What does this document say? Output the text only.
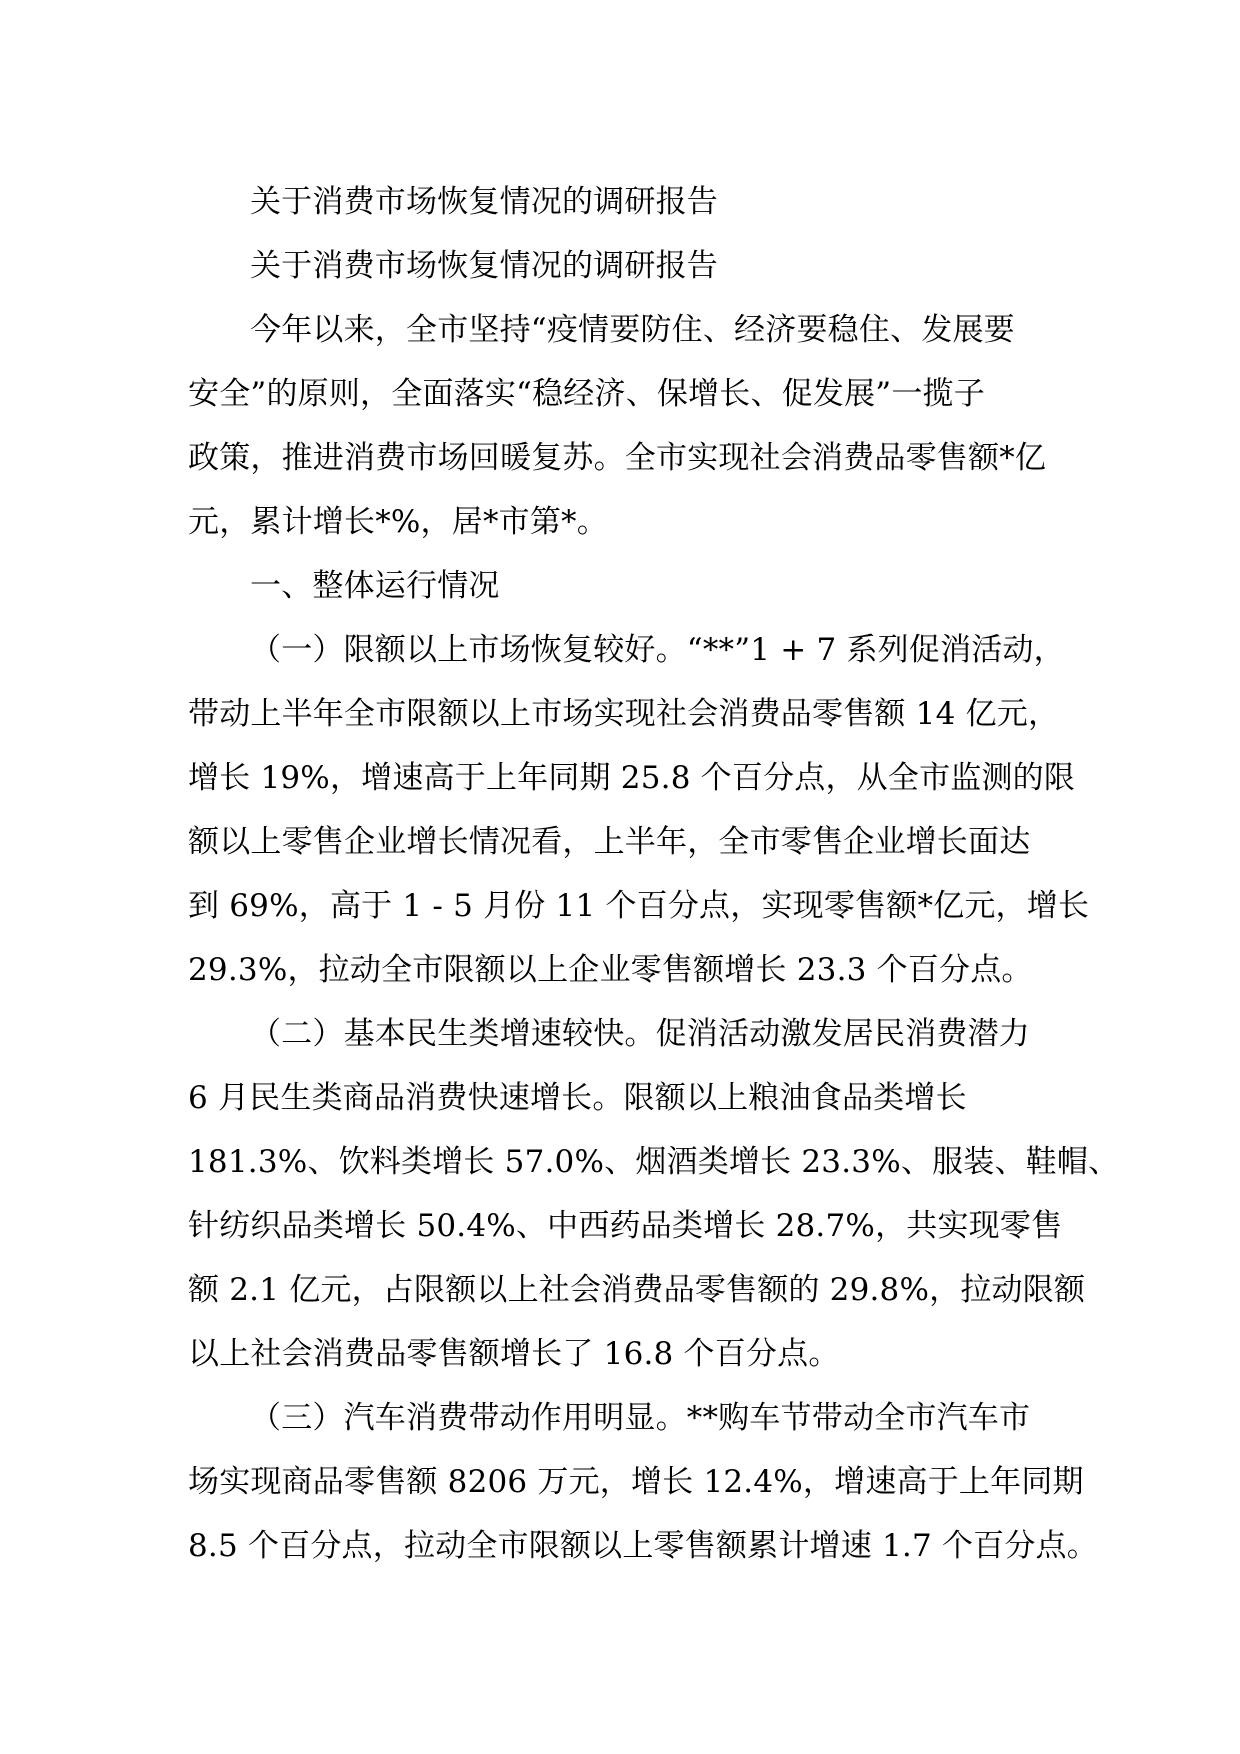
关于消费市场恢复情况的调研报告

关于消费市场恢复情况的调研报告

今年以来，全市坚持“疫情要防住、经济要稳住、发展要

安全”的原则，全面落实“稳经济、保增长、促发展”一揽子

政策，推进消费市场回暖复苏。全市实现社会消费品零售额*亿

元，累计增长*%，居*市第*。

一、整体运行情况

（一）限额以上市场恢复较好。“**”1 + 7 系列促消活动，

带动上半年全市限额以上市场实现社会消费品零售额 14 亿元，

增长 19%，增速高于上年同期 25.8 个百分点，从全市监测的限

额以上零售企业增长情况看，上半年，全市零售企业增长面达

到 69%，高于 1 - 5 月份 11 个百分点，实现零售额*亿元，增长

29.3%，拉动全市限额以上企业零售额增长 23.3 个百分点。

（二）基本民生类增速较快。促消活动激发居民消费潜力

6 月民生类商品消费快速增长。限额以上粮油食品类增长

181.3%、饮料类增长 57.0%、烟酒类增长 23.3%、服装、鞋帽、

针纺织品类增长 50.4%、中西药品类增长 28.7%，共实现零售

额 2.1 亿元，占限额以上社会消费品零售额的 29.8%，拉动限额

以上社会消费品零售额增长了 16.8 个百分点。

（三）汽车消费带动作用明显。**购车节带动全市汽车市

场实现商品零售额 8206 万元，增长 12.4%，增速高于上年同期

8.5 个百分点，拉动全市限额以上零售额累计增速 1.7 个百分点。
